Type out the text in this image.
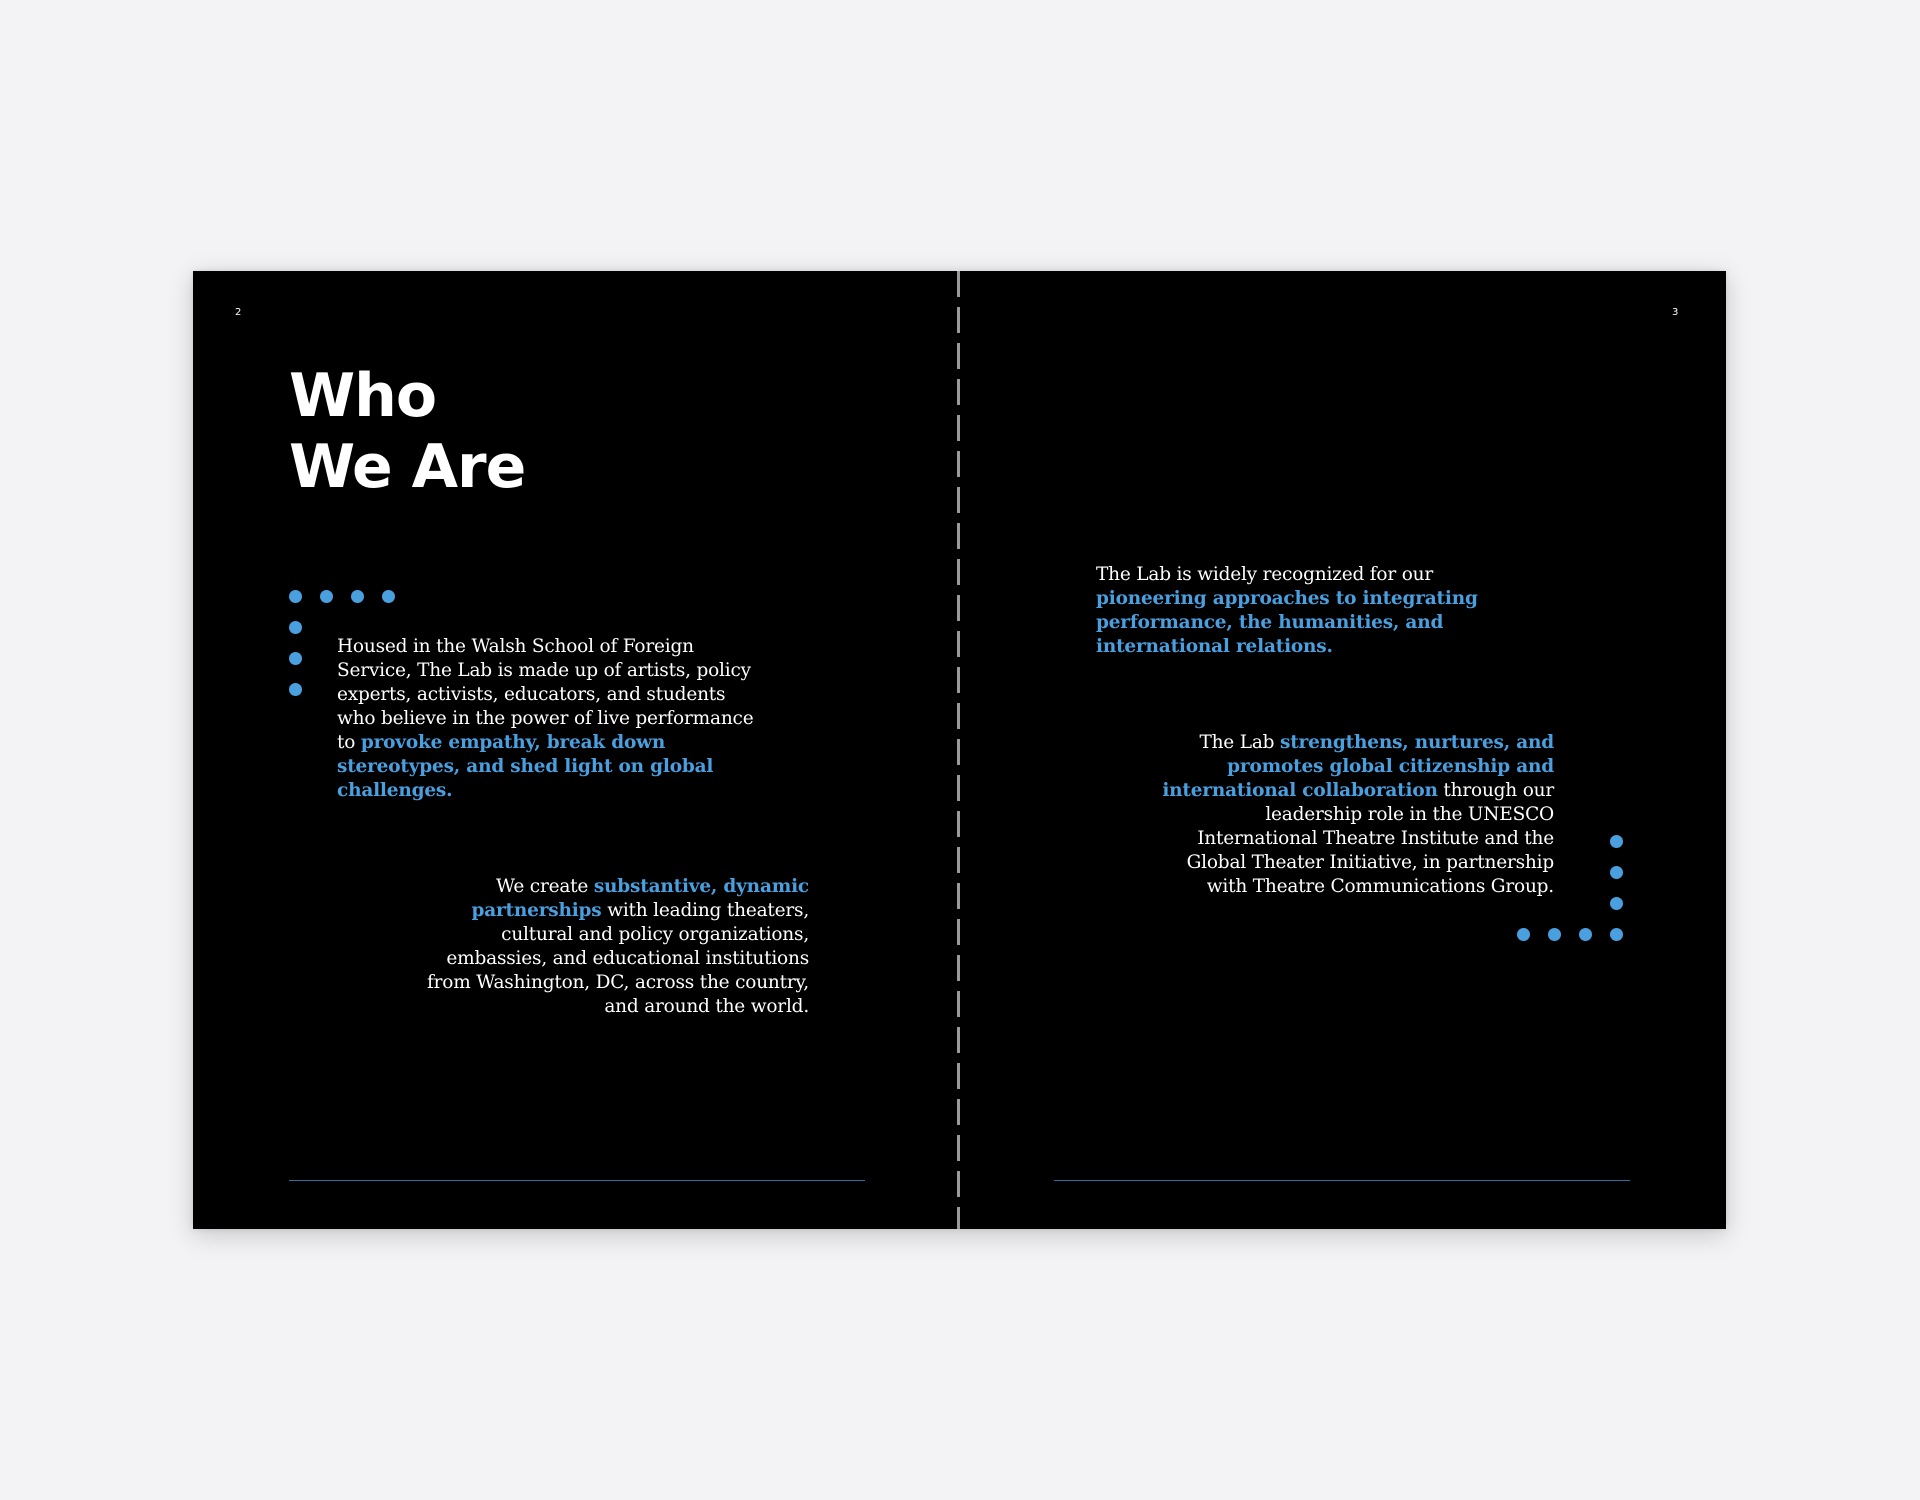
2
Who
We Are

Housed in the Walsh School of Foreign Service, The Lab is made up of artists, policy experts, activists, educators, and students who believe in the power of live performance to provoke empathy, break down stereotypes, and shed light on global challenges.

We create substantive, dynamic partnerships with leading theaters, cultural and policy organizations, embassies, and educational institutions from Washington, DC, across the country, and around the world.

3

The Lab is widely recognized for our pioneering approaches to integrating performance, the humanities, and international relations.

The Lab strengthens, nurtures, and promotes global citizenship and international collaboration through our leadership role in the UNESCO International Theatre Institute and the Global Theater Initiative, in partnership with Theatre Communications Group.
